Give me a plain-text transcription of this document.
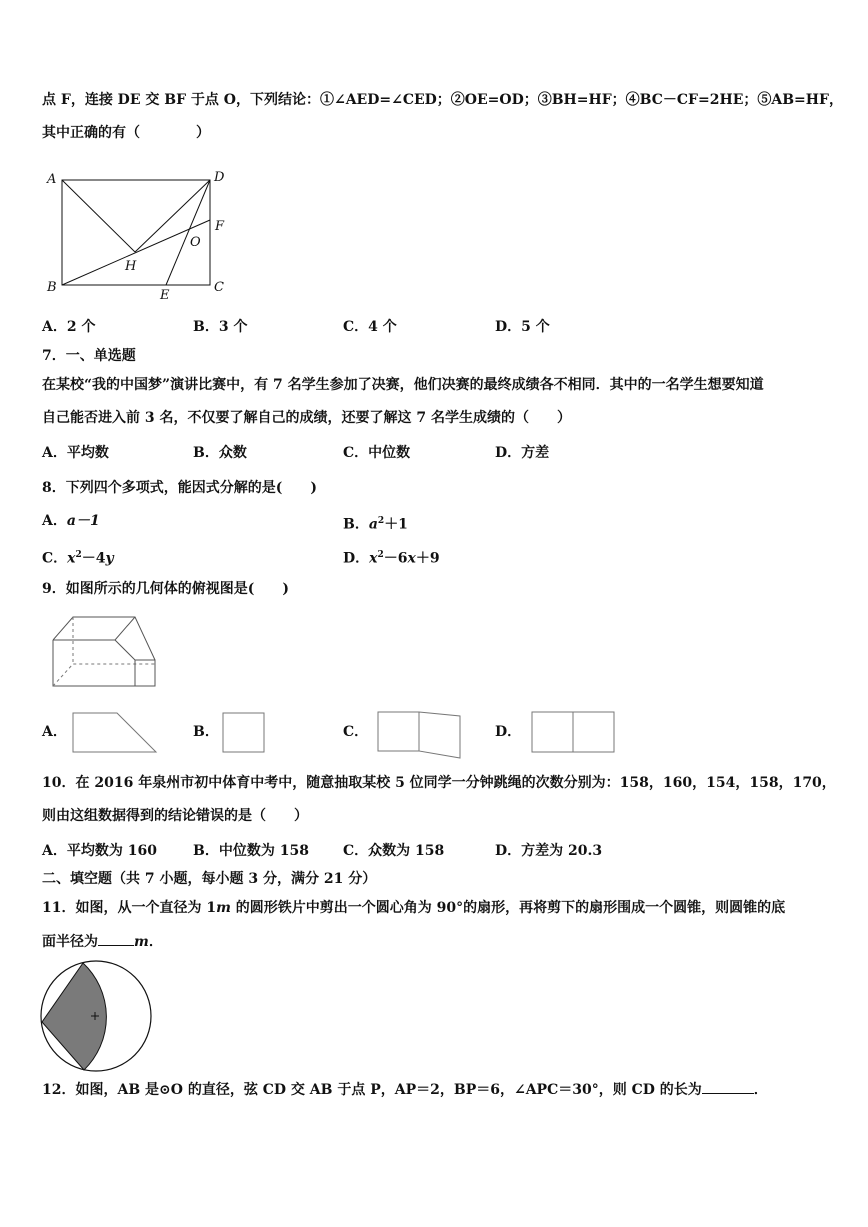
点 F，连接 DE 交 BF 于点 O，下列结论：①∠AED=∠CED；②OE=OD；③BH=HF；④BC－CF=2HE；⑤AB=HF，
其中正确的有（　　　　）
A	D
F
O
H
B
E
C
A．2 个	B．3 个	C．4 个	D．5 个
7．一、单选题
在某校“我的中国梦”演讲比赛中，有 7 名学生参加了决赛，他们决赛的最终成绩各不相同．其中的一名学生想要知道
自己能否进入前 3 名，不仅要了解自己的成绩，还要了解这 7 名学生成绩的（　　）
A．平均数	B．众数	C．中位数	D．方差
8．下列四个多项式，能因式分解的是(　　)
A．a－1	B．$a^2+1$
C．$x^2-4y$	D．$x^2-6x+9$
9．如图所示的几何体的俯视图是(　　)
A．	B．	C．	D．
10．在 2016 年泉州市初中体育中考中，随意抽取某校 5 位同学一分钟跳绳的次数分别为：158，160，154，158，170，
则由这组数据得到的结论错误的是（　　）
A．平均数为 160	B．中位数为 158 C．众数为 158	D．方差为 20.3
二、填空题（共 7 小题，每小题 3 分，满分 21 分）
11．如图，从一个直径为 1m 的圆形铁片中剪出一个圆心角为 90°的扇形，再将剪下的扇形围成一个圆锥，则圆锥的底
面半径为	m．
12．如图，AB 是⊙O 的直径，弦 CD 交 AB 于点 P，AP＝2，BP＝6，∠APC＝30°，则 CD 的长为	．
